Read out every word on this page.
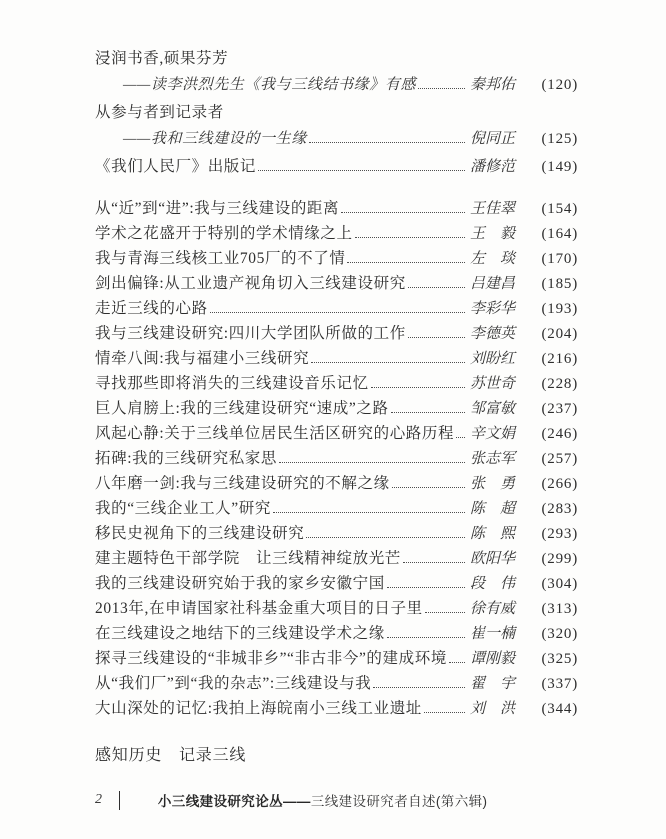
浸润书香,硕果芬芳
——读李洪烈先生《我与三线结书缘》有感	秦邦佑	(120)
从参与者到记录者
——我和三线建设的一生缘	倪同正	(125)
《我们人民厂》出版记	潘修范	(149)
从“近”到“进”:我与三线建设的距离	王佳翠	(154)
学术之花盛开于特别的学术情缘之上	王　毅	(164)
我与青海三线核工业705厂的不了情	左　琰	(170)
剑出偏锋:从工业遗产视角切入三线建设研究	吕建昌	(185)
走近三线的心路	李彩华	(193)
我与三线建设研究:四川大学团队所做的工作	李德英	(204)
情牵八闽:我与福建小三线研究	刘盼红	(216)
寻找那些即将消失的三线建设音乐记忆	苏世奇	(228)
巨人肩膀上:我的三线建设研究“速成”之路	邹富敏	(237)
风起心静:关于三线单位居民生活区研究的心路历程 辛文娟	(246)
拓碑:我的三线研究私家思	张志军	(257)
八年磨一剑:我与三线建设研究的不解之缘	张　勇	(266)
我的“三线企业工人”研究	陈　超	(283)
移民史视角下的三线建设研究	陈　熙	(293)
建主题特色干部学院　让三线精神绽放光芒	欧阳华	(299)
我的三线建设研究始于我的家乡安徽宁国	段　伟	(304)
2013年,在申请国家社科基金重大项目的日子里	徐有威	(313)
在三线建设之地结下的三线建设学术之缘	崔一楠	(320)
探寻三线建设的“非城非乡”“非古非今”的建成环境 谭刚毅	(325)
从“我们厂”到“我的杂志”:三线建设与我	翟　宇	(337)
大山深处的记忆:我拍上海皖南小三线工业遗址	刘　洪	(344)
感知历史　记录三线
2	小三线建设研究论丛——三线建设研究者自述(第六辑)
